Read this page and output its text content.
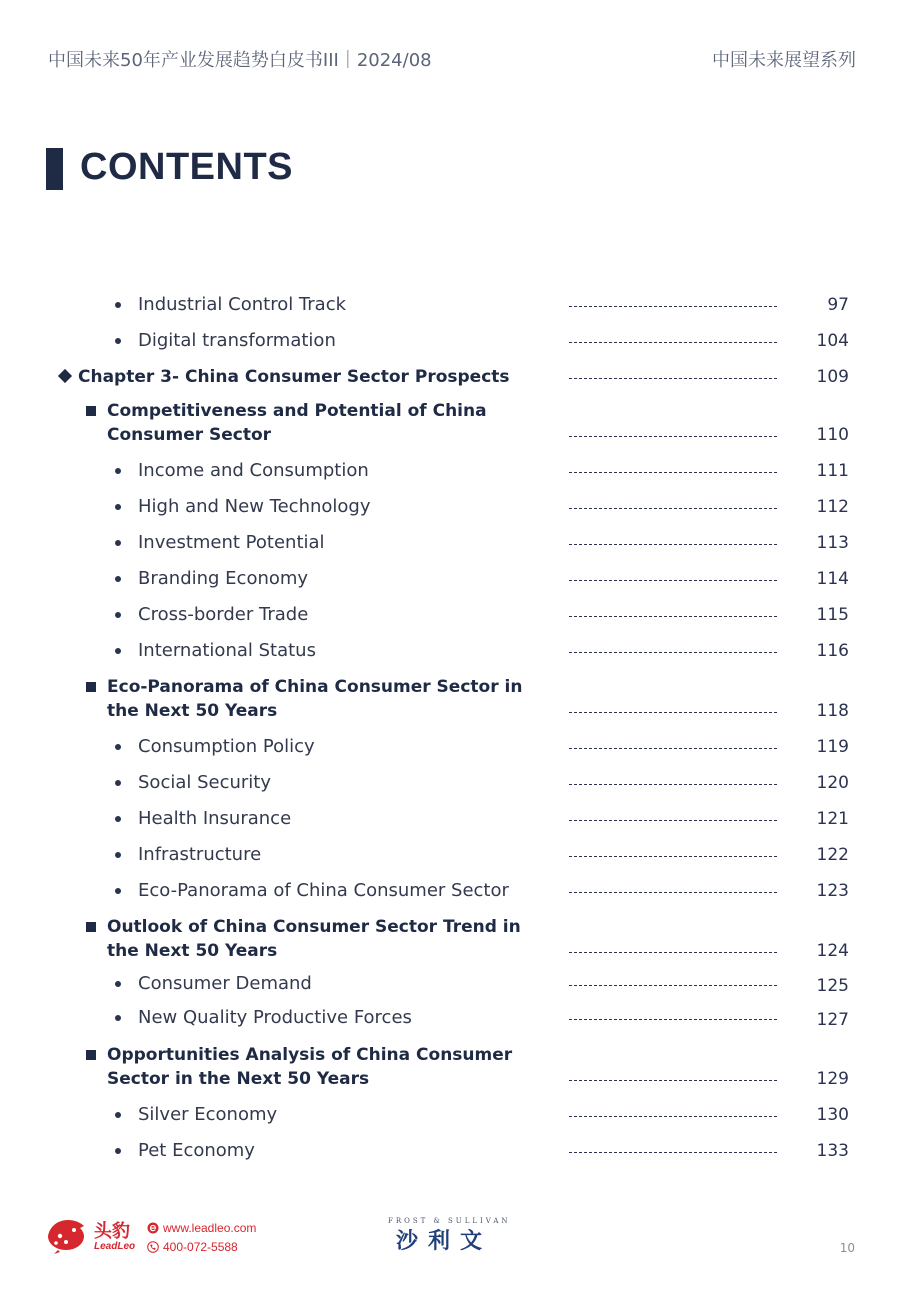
中国未来50年产业发展趋势白皮书III｜2024/08	中国未来展望系列
CONTENTS
Industrial Control Track	97
Digital transformation	104
Chapter 3- China Consumer Sector Prospects	109
Competitiveness and Potential of China Consumer Sector	110
Income and Consumption	111
High and New Technology	112
Investment Potential	113
Branding Economy	114
Cross-border Trade	115
International Status	116
Eco-Panorama of China Consumer Sector in the Next 50 Years	118
Consumption Policy	119
Social Security	120
Health Insurance	121
Infrastructure	122
Eco-Panorama of China Consumer Sector	123
Outlook of China Consumer Sector Trend in the Next 50 Years	124
Consumer Demand	125
New Quality Productive Forces	127
Opportunities Analysis of China Consumer Sector in the Next 50 Years	129
Silver Economy	130
Pet Economy	133
头豹
LeadLeo
www.leadleo.com
400-072-5588
FROST & SULLIVAN
沙利文	10
